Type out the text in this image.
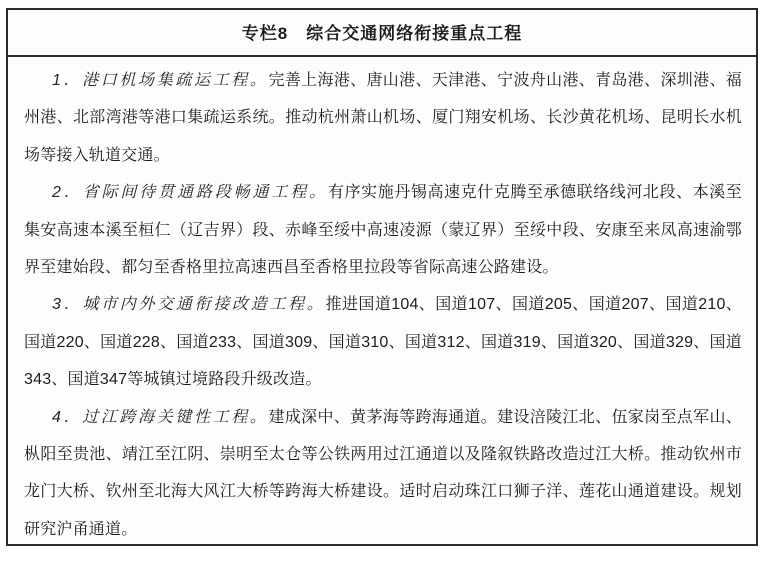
专栏8　综合交通网络衔接重点工程

1．港口机场集疏运工程。完善上海港、唐山港、天津港、宁波舟山港、青岛港、深圳港、福州港、北部湾港等港口集疏运系统。推动杭州萧山机场、厦门翔安机场、长沙黄花机场、昆明长水机场等接入轨道交通。

2．省际间待贯通路段畅通工程。有序实施丹锡高速克什克腾至承德联络线河北段、本溪至集安高速本溪至桓仁（辽吉界）段、赤峰至绥中高速凌源（蒙辽界）至绥中段、安康至来凤高速渝鄂界至建始段、都匀至香格里拉高速西昌至香格里拉段等省际高速公路建设。

3．城市内外交通衔接改造工程。推进国道104、国道107、国道205、国道207、国道210、国道220、国道228、国道233、国道309、国道310、国道312、国道319、国道320、国道329、国道343、国道347等城镇过境路段升级改造。

4．过江跨海关键性工程。建成深中、黄茅海等跨海通道。建设涪陵江北、伍家岗至点军山、枞阳至贵池、靖江至江阴、崇明至太仓等公铁两用过江通道以及隆叙铁路改造过江大桥。推动钦州市龙门大桥、钦州至北海大风江大桥等跨海大桥建设。适时启动珠江口狮子洋、莲花山通道建设。规划研究沪甬通道。
